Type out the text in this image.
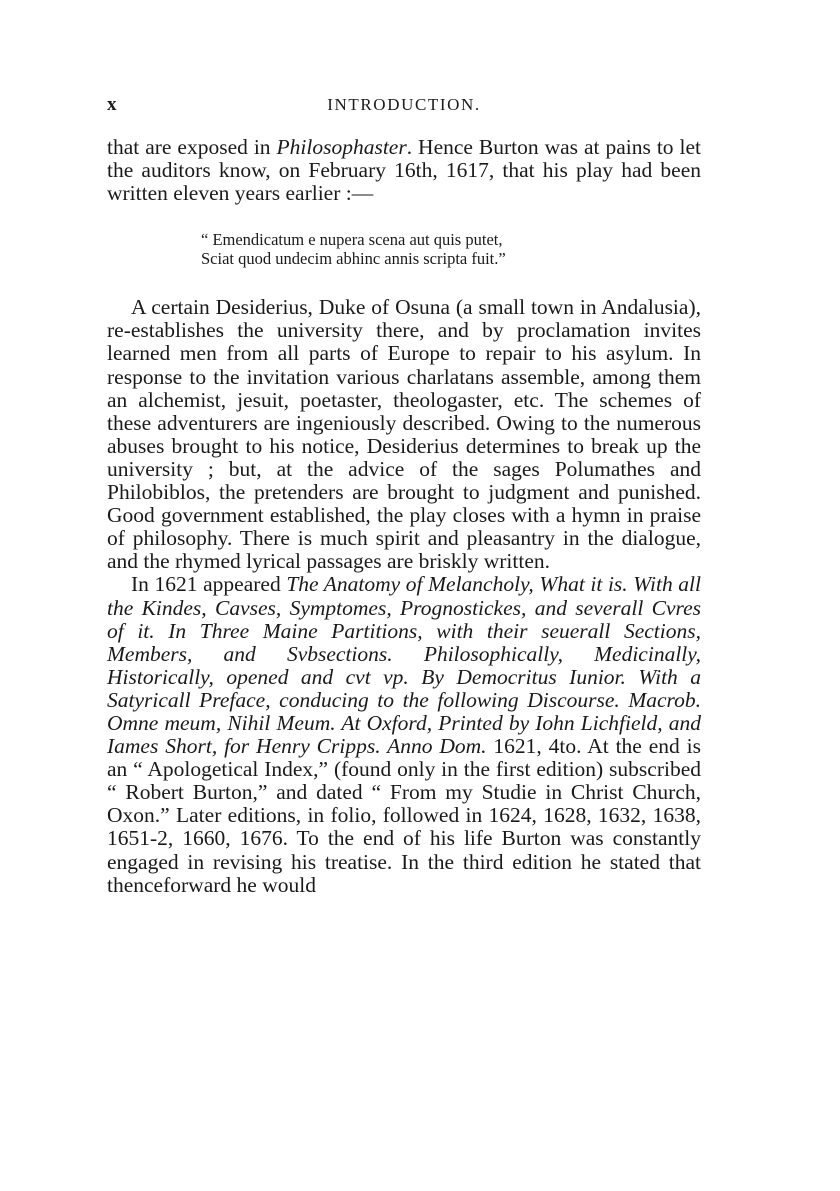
x	INTRODUCTION.

that are exposed in Philosophaster. Hence Burton was at pains to let the auditors know, on February 16th, 1617, that his play had been written eleven years earlier :—

“ Emendicatum e nupera scena aut quis putet,
Sciat quod undecim abhinc annis scripta fuit.”

A certain Desiderius, Duke of Osuna (a small town in Andalusia), re-establishes the university there, and by proclamation invites learned men from all parts of Europe to repair to his asylum. In response to the invitation various charlatans assemble, among them an alchemist, jesuit, poetaster, theologaster, etc. The schemes of these adventurers are ingeniously described. Owing to the numerous abuses brought to his notice, Desiderius determines to break up the university ; but, at the advice of the sages Polumathes and Philobiblos, the pretenders are brought to judgment and punished. Good government established, the play closes with a hymn in praise of philosophy. There is much spirit and pleasantry in the dialogue, and the rhymed lyrical passages are briskly written.

In 1621 appeared The Anatomy of Melancholy, What it is. With all the Kindes, Cavses, Symptomes, Prognostickes, and severall Cvres of it. In Three Maine Partitions, with their seuerall Sections, Members, and Svbsections. Philosophically, Medicinally, Historically, opened and cvt vp. By Democritus Iunior. With a Satyricall Preface, conducing to the following Discourse. Macrob. Omne meum, Nihil Meum. At Oxford, Printed by Iohn Lichfield, and Iames Short, for Henry Cripps. Anno Dom. 1621, 4to. At the end is an “ Apologetical Index,” (found only in the first edition) subscribed “ Robert Burton,” and dated “ From my Studie in Christ Church, Oxon.” Later editions, in folio, followed in 1624, 1628, 1632, 1638, 1651-2, 1660, 1676. To the end of his life Burton was constantly engaged in revising his treatise. In the third edition he stated that thenceforward he would
